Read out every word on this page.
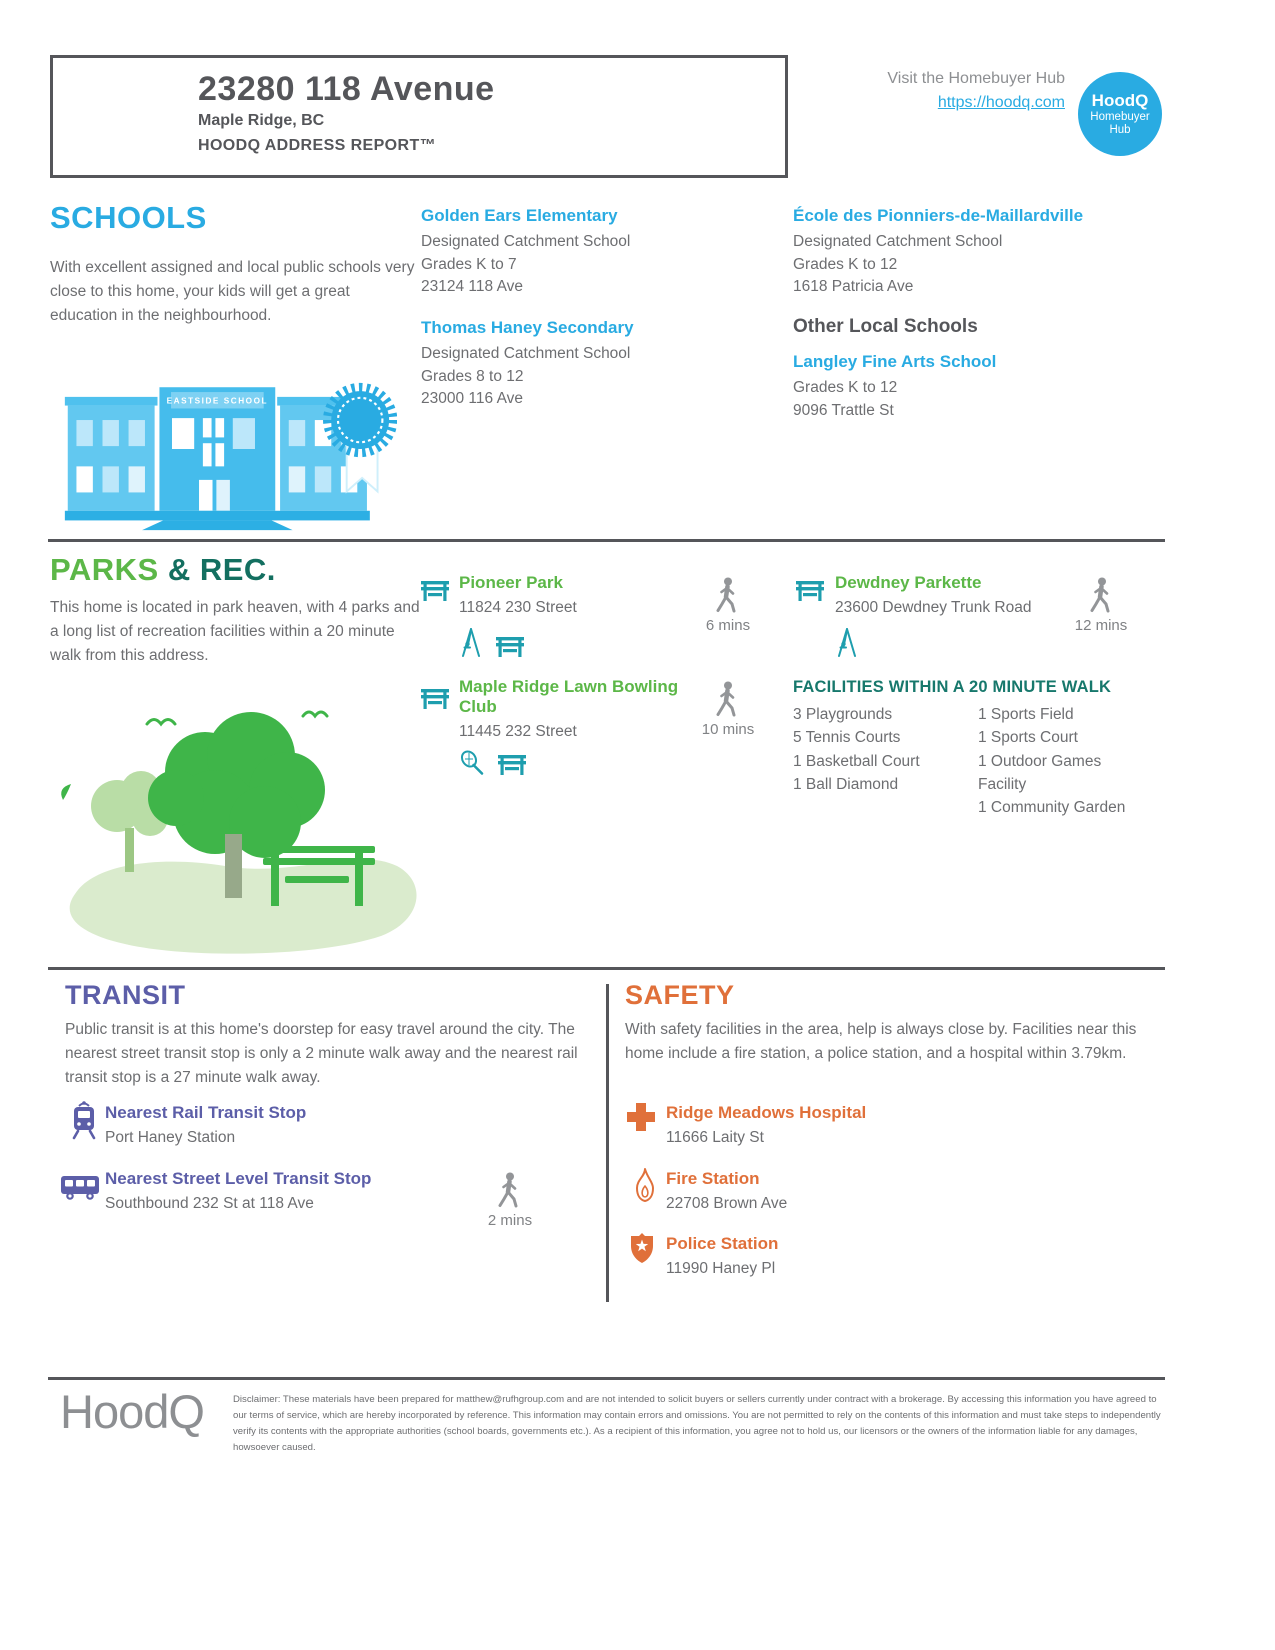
23280 118 Avenue
Maple Ridge, BC
HOODQ ADDRESS REPORT™
Visit the Homebuyer Hub
https://hoodq.com HoodQ
Homebuyer
Hub
SCHOOLS
With excellent assigned and local public schools very close to this home, your kids will get a great education in the neighbourhood.
Golden Ears Elementary
Designated Catchment School
Grades K to 7
23124 118 Ave
Thomas Haney Secondary
Designated Catchment School
Grades 8 to 12
23000 116 Ave
École des Pionniers-de-Maillardville
Designated Catchment School
Grades K to 12
1618 Patricia Ave
Other Local Schools
Langley Fine Arts School
Grades K to 12
9096 Trattle St
EASTSIDE SCHOOL
PARKS & REC.
This home is located in park heaven, with 4 parks and a long list of recreation facilities within a 20 minute walk from this address.
Pioneer Park
11824 230 Street
6 mins
Dewdney Parkette
23600 Dewdney Trunk Road
12 mins
Maple Ridge Lawn Bowling Club
11445 232 Street	10 mins
FACILITIES WITHIN A 20 MINUTE WALK
3 Playgrounds
5 Tennis Courts
1 Basketball Court
1 Ball Diamond
1 Sports Field
1 Sports Court
1 Outdoor Games Facility
1 Community Garden
TRANSIT
Public transit is at this home's doorstep for easy travel around the city. The nearest street transit stop is only a 2 minute walk away and the nearest rail transit stop is a 27 minute walk away.
Nearest Rail Transit Stop
Port Haney Station
Nearest Street Level Transit Stop
Southbound 232 St at 118 Ave
2 mins
SAFETY
With safety facilities in the area, help is always close by. Facilities near this home include a fire station, a police station, and a hospital within 3.79km.
Ridge Meadows Hospital
11666 Laity St
Fire Station
22708 Brown Ave
Police Station
11990 Haney Pl
HoodQ	Disclaimer: These materials have been prepared for matthew@rufhgroup.com and are not intended to solicit buyers or sellers currently under contract with a brokerage. By accessing this information you have agreed to our terms of service, which are hereby incorporated by reference. This information may contain errors and omissions. You are not permitted to rely on the contents of this information and must take steps to independently verify its contents with the appropriate authorities (school boards, governments etc.). As a recipient of this information, you agree not to hold us, our licensors or the owners of the information liable for any damages, howsoever caused.
